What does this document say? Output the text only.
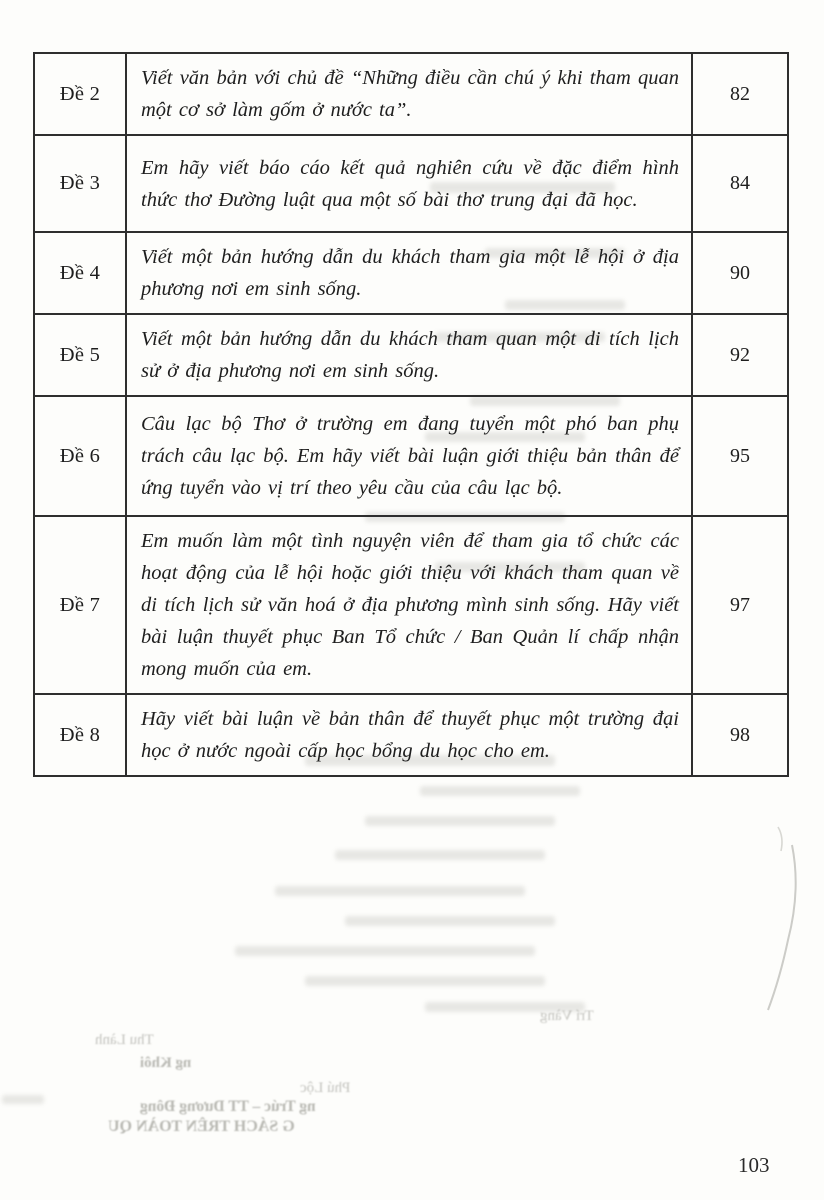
Trí Vàng
Thu Lành
ng Khôi
Phú Lộc
ng Trúc – TT Dương Đông
G SÁCH TRÊN TOÀN QU
Đề 2
Viết văn bản với chủ đề “Những điều cần chú ý khi tham quan một cơ sở làm gốm ở nước ta”.
82
Đề 3
Em hãy viết báo cáo kết quả nghiên cứu về đặc điểm hình thức thơ Đường luật qua một số bài thơ trung đại đã học.
84
Đề 4
Viết một bản hướng dẫn du khách tham gia một lễ hội ở địa phương nơi em sinh sống.
90
Đề 5
Viết một bản hướng dẫn du khách tham quan một di tích lịch sử ở địa phương nơi em sinh sống.
92
Đề 6
Câu lạc bộ Thơ ở trường em đang tuyển một phó ban phụ trách câu lạc bộ. Em hãy viết bài luận giới thiệu bản thân để ứng tuyển vào vị trí theo yêu cầu của câu lạc bộ.
95
Đề 7
Em muốn làm một tình nguyện viên để tham gia tổ chức các hoạt động của lễ hội hoặc giới thiệu với khách tham quan về di tích lịch sử văn hoá ở địa phương mình sinh sống. Hãy viết bài luận thuyết phục Ban Tổ chức / Ban Quản lí chấp nhận mong muốn của em.
97
Đề 8
Hãy viết bài luận về bản thân để thuyết phục một trường đại học ở nước ngoài cấp học bổng du học cho em.
98
103
